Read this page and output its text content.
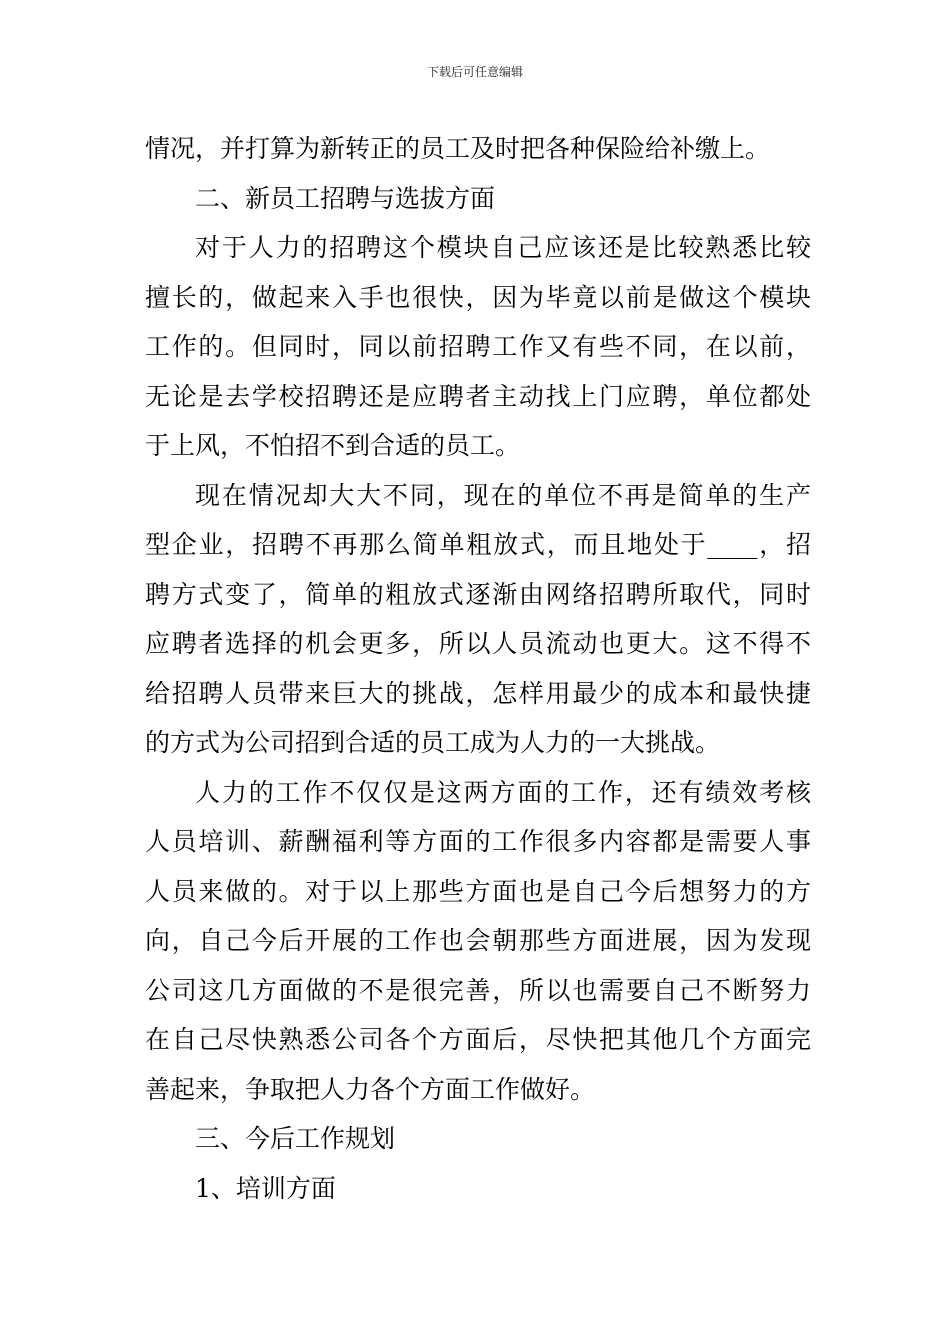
下载后可任意编辑
情况，并打算为新转正的员工及时把各种保险给补缴上。
二、新员工招聘与选拔方面
对于人力的招聘这个模块自己应该还是比较熟悉比较
擅长的，做起来入手也很快，因为毕竟以前是做这个模块
工作的。但同时，同以前招聘工作又有些不同，在以前，
无论是去学校招聘还是应聘者主动找上门应聘，单位都处
于上风，不怕招不到合适的员工。
现在情况却大大不同，现在的单位不再是简单的生产
型企业，招聘不再那么简单粗放式，而且地处于____，招
聘方式变了，简单的粗放式逐渐由网络招聘所取代，同时
应聘者选择的机会更多，所以人员流动也更大。这不得不
给招聘人员带来巨大的挑战，怎样用最少的成本和最快捷
的方式为公司招到合适的员工成为人力的一大挑战。
人力的工作不仅仅是这两方面的工作，还有绩效考核
人员培训、薪酬福利等方面的工作很多内容都是需要人事
人员来做的。对于以上那些方面也是自己今后想努力的方
向，自己今后开展的工作也会朝那些方面进展，因为发现
公司这几方面做的不是很完善，所以也需要自己不断努力
在自己尽快熟悉公司各个方面后，尽快把其他几个方面完
善起来，争取把人力各个方面工作做好。
三、今后工作规划
1、培训方面
